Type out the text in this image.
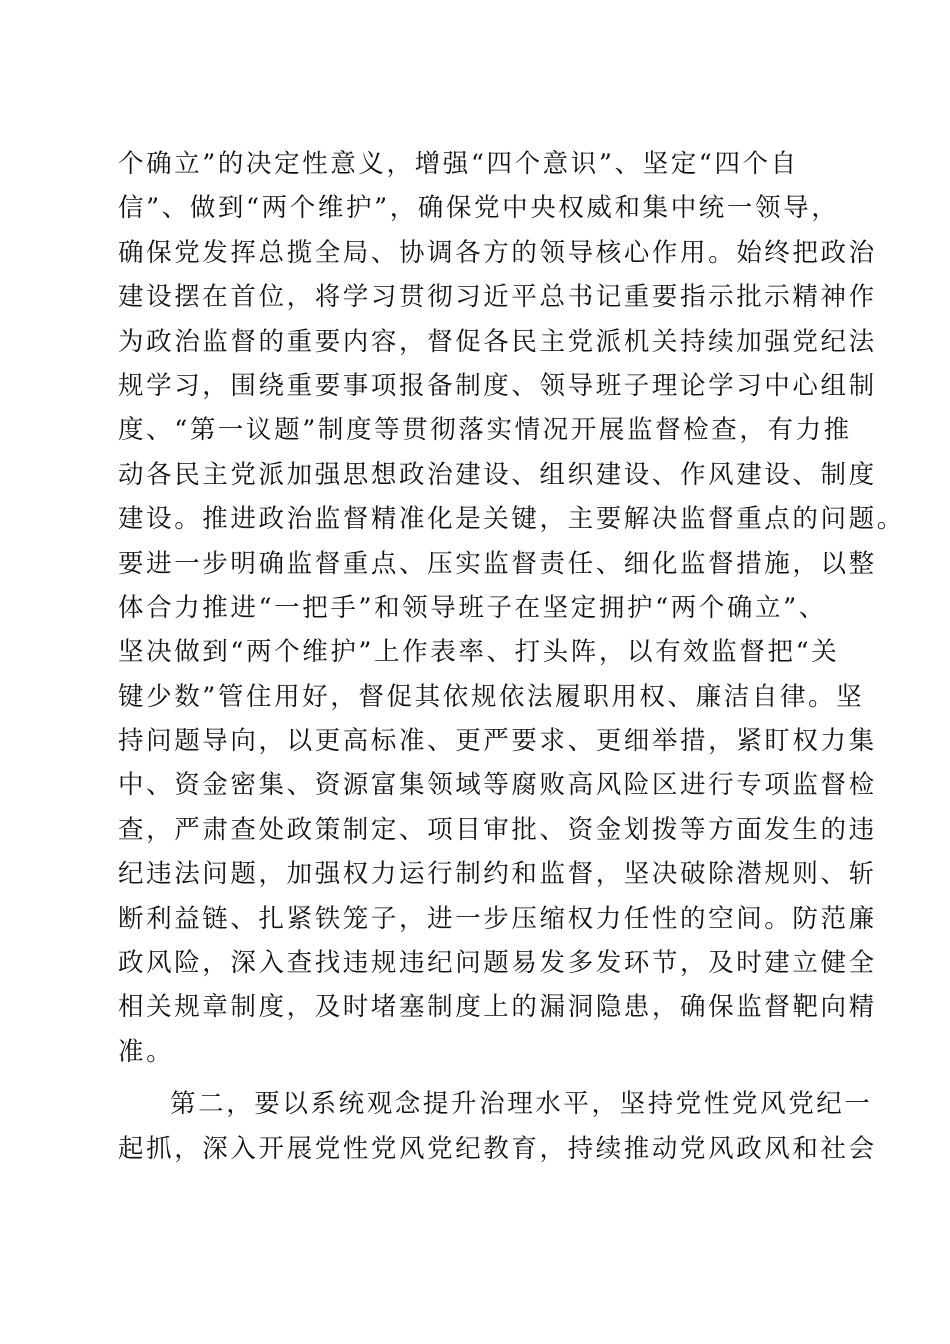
个确立”的决定性意义，增强“四个意识”、坚定“四个自

信”、做到“两个维护”，确保党中央权威和集中统一领导，

确保党发挥总揽全局、协调各方的领导核心作用。始终把政治

建设摆在首位，将学习贯彻习近平总书记重要指示批示精神作

为政治监督的重要内容，督促各民主党派机关持续加强党纪法

规学习，围绕重要事项报备制度、领导班子理论学习中心组制

度、“第一议题”制度等贯彻落实情况开展监督检查，有力推

动各民主党派加强思想政治建设、组织建设、作风建设、制度

建设。推进政治监督精准化是关键，主要解决监督重点的问题。

要进一步明确监督重点、压实监督责任、细化监督措施，以整

体合力推进“一把手”和领导班子在坚定拥护“两个确立”、

坚决做到“两个维护”上作表率、打头阵，以有效监督把“关

键少数”管住用好，督促其依规依法履职用权、廉洁自律。坚

持问题导向，以更高标准、更严要求、更细举措，紧盯权力集

中、资金密集、资源富集领域等腐败高风险区进行专项监督检

查，严肃查处政策制定、项目审批、资金划拨等方面发生的违

纪违法问题，加强权力运行制约和监督，坚决破除潜规则、斩

断利益链、扎紧铁笼子，进一步压缩权力任性的空间。防范廉

政风险，深入查找违规违纪问题易发多发环节，及时建立健全

相关规章制度，及时堵塞制度上的漏洞隐患，确保监督靶向精

准。

第二，要以系统观念提升治理水平，坚持党性党风党纪一

起抓，深入开展党性党风党纪教育，持续推动党风政风和社会
